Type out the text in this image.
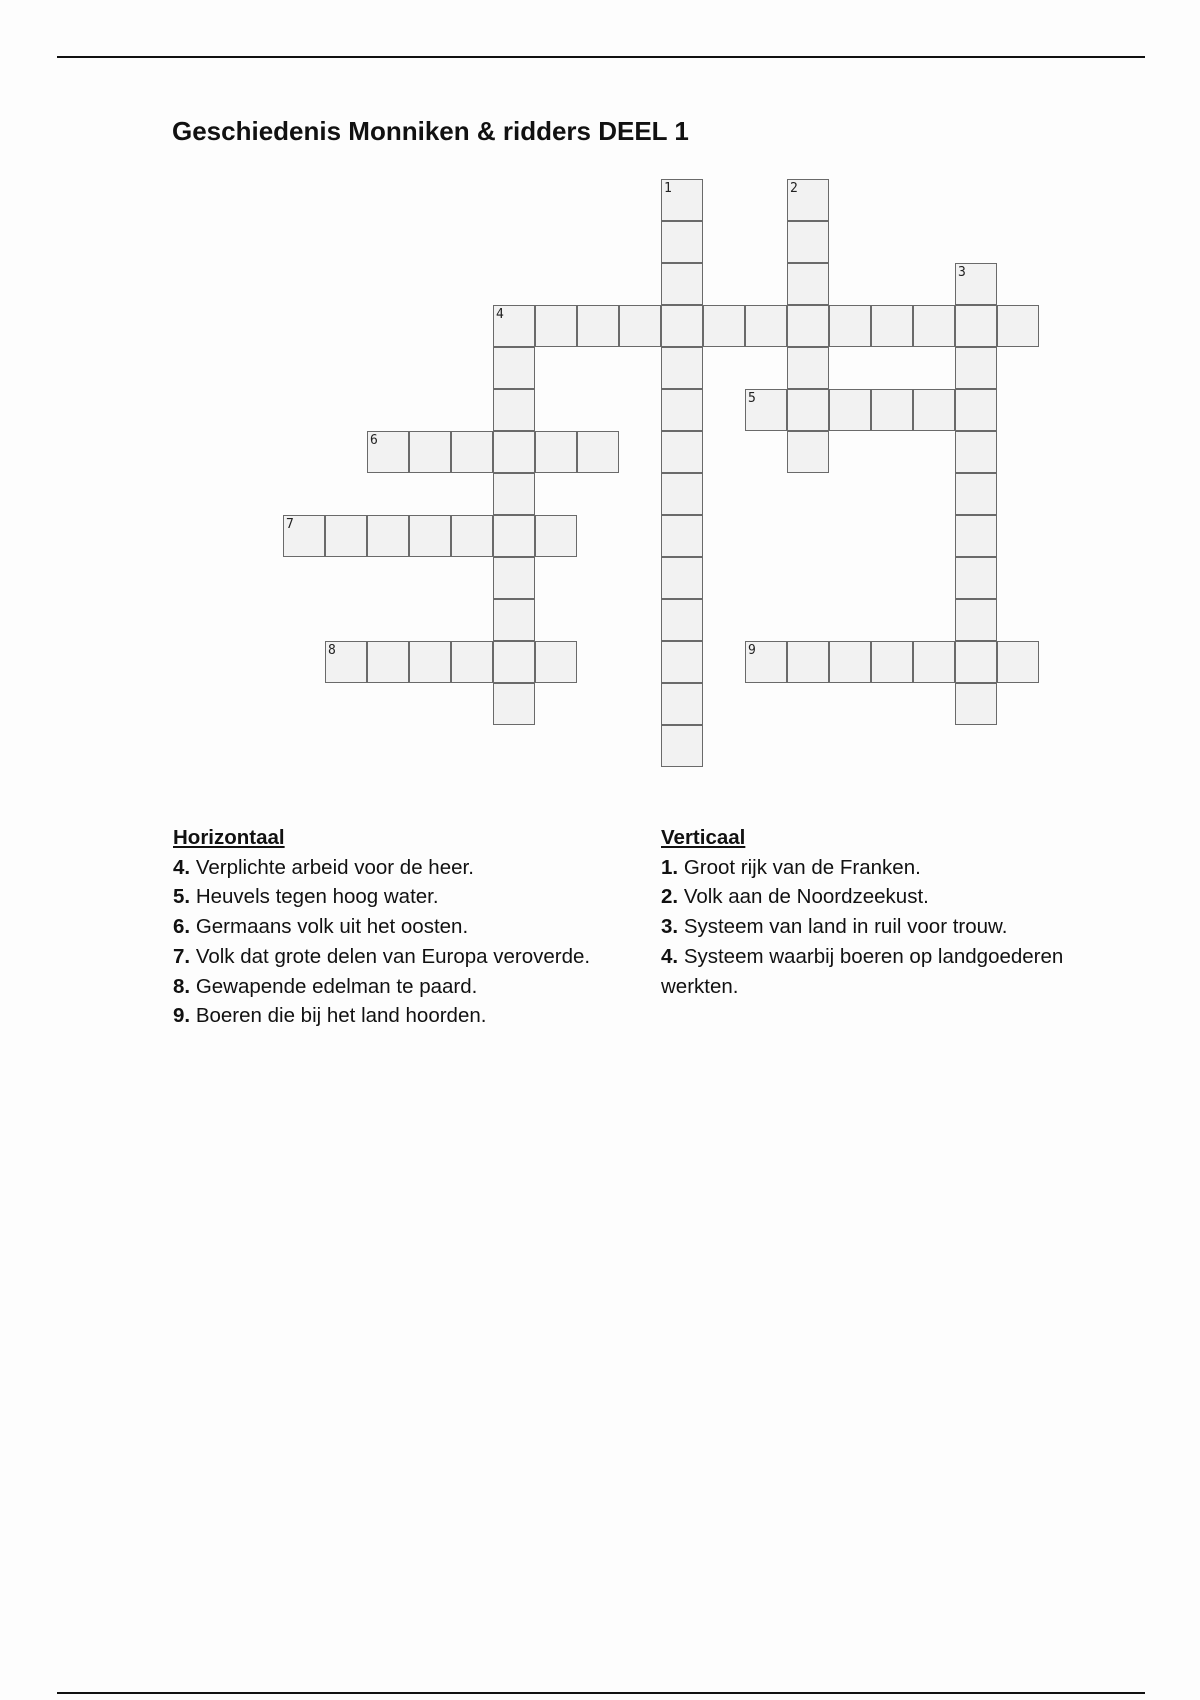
Geschiedenis Monniken & ridders DEEL 1
1	2
3
4
5
6
7
8	9
Horizontaal

4. Verplichte arbeid voor de heer.

5. Heuvels tegen hoog water.

6. Germaans volk uit het oosten.

7. Volk dat grote delen van Europa veroverde.

8. Gewapende edelman te paard.

9. Boeren die bij het land hoorden.

Verticaal

1. Groot rijk van de Franken.

2. Volk aan de Noordzeekust.

3. Systeem van land in ruil voor trouw.

4. Systeem waarbij boeren op landgoederen werkten.
